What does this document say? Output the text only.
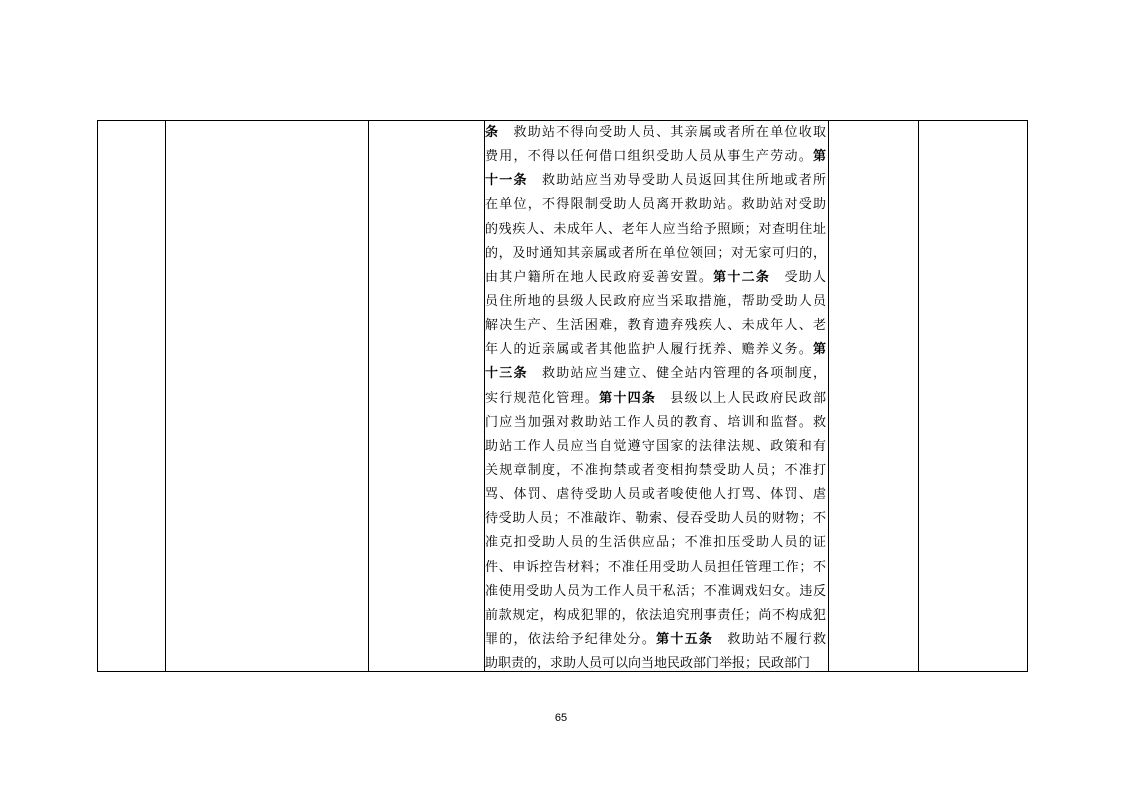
条　救助站不得向受助人员、其亲属或者所在单位收取
费用，不得以任何借口组织受助人员从事生产劳动。第
十一条　救助站应当劝导受助人员返回其住所地或者所
在单位，不得限制受助人员离开救助站。救助站对受助
的残疾人、未成年人、老年人应当给予照顾；对查明住址
的，及时通知其亲属或者所在单位领回；对无家可归的，
由其户籍所在地人民政府妥善安置。第十二条　受助人
员住所地的县级人民政府应当采取措施，帮助受助人员
解决生产、生活困难，教育遗弃残疾人、未成年人、老
年人的近亲属或者其他监护人履行抚养、赡养义务。第
十三条　救助站应当建立、健全站内管理的各项制度，
实行规范化管理。第十四条　县级以上人民政府民政部
门应当加强对救助站工作人员的教育、培训和监督。救
助站工作人员应当自觉遵守国家的法律法规、政策和有
关规章制度，不准拘禁或者变相拘禁受助人员；不准打
骂、体罚、虐待受助人员或者唆使他人打骂、体罚、虐
待受助人员；不准敲诈、勒索、侵吞受助人员的财物；不
准克扣受助人员的生活供应品；不准扣压受助人员的证
件、申诉控告材料；不准任用受助人员担任管理工作；不
准使用受助人员为工作人员干私活；不准调戏妇女。违反
前款规定，构成犯罪的，依法追究刑事责任；尚不构成犯
罪的，依法给予纪律处分。第十五条　救助站不履行救
助职责的，求助人员可以向当地民政部门举报；民政部门
65
